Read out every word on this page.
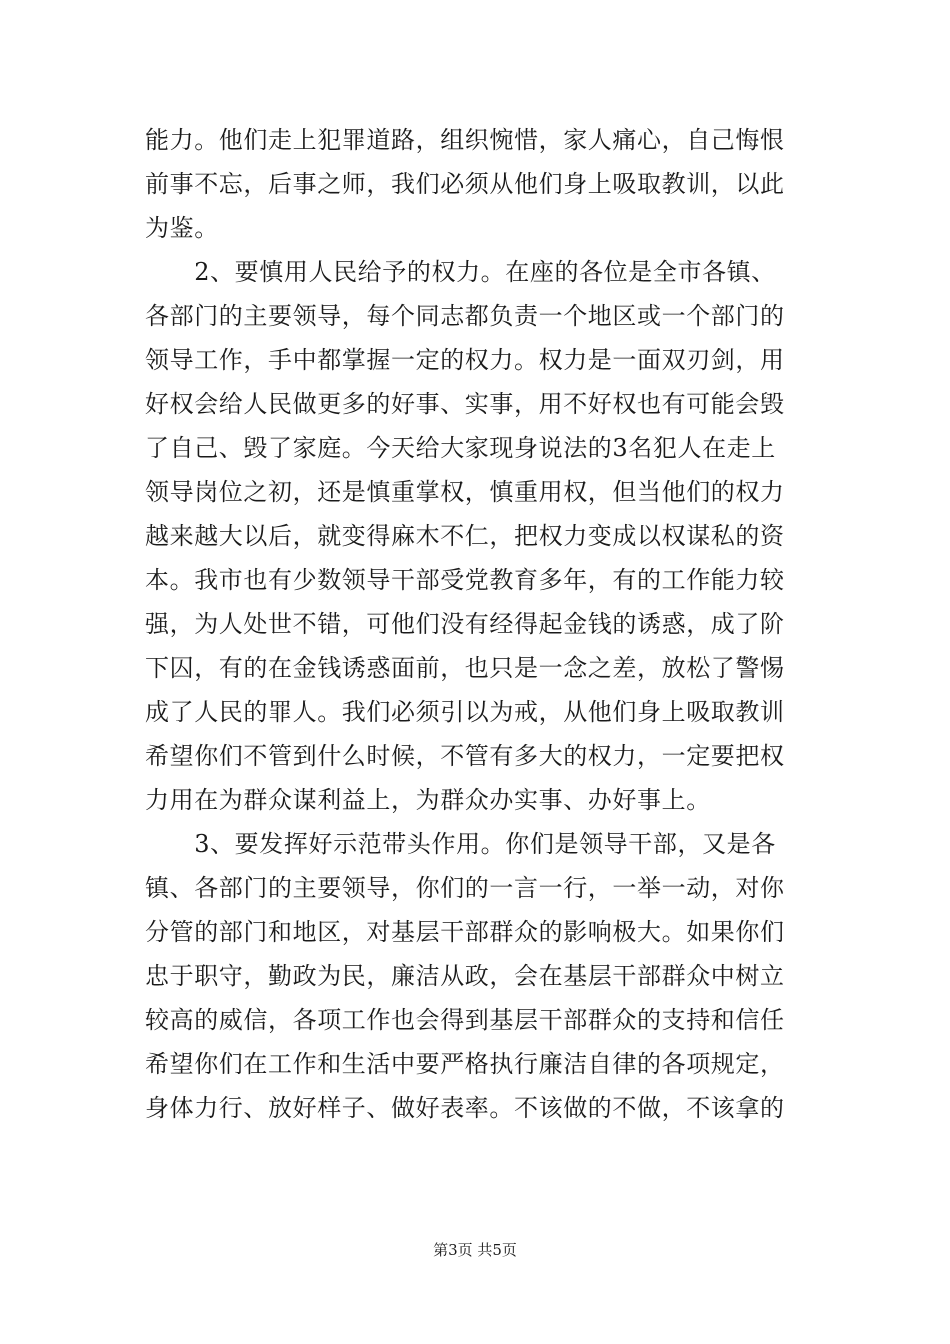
能力。他们走上犯罪道路，组织惋惜，家人痛心，自己悔恨

前事不忘，后事之师，我们必须从他们身上吸取教训，以此

为鉴。

　　2、要慎用人民给予的权力。在座的各位是全市各镇、

各部门的主要领导，每个同志都负责一个地区或一个部门的

领导工作，手中都掌握一定的权力。权力是一面双刃剑，用

好权会给人民做更多的好事、实事，用不好权也有可能会毁

了自己、毁了家庭。今天给大家现身说法的3名犯人在走上

领导岗位之初，还是慎重掌权，慎重用权，但当他们的权力

越来越大以后，就变得麻木不仁，把权力变成以权谋私的资

本。我市也有少数领导干部受党教育多年，有的工作能力较

强，为人处世不错，可他们没有经得起金钱的诱惑，成了阶

下囚，有的在金钱诱惑面前，也只是一念之差，放松了警惕

成了人民的罪人。我们必须引以为戒，从他们身上吸取教训

希望你们不管到什么时候，不管有多大的权力，一定要把权

力用在为群众谋利益上，为群众办实事、办好事上。

　　3、要发挥好示范带头作用。你们是领导干部，又是各

镇、各部门的主要领导，你们的一言一行，一举一动，对你

分管的部门和地区，对基层干部群众的影响极大。如果你们

忠于职守，勤政为民，廉洁从政，会在基层干部群众中树立

较高的威信，各项工作也会得到基层干部群众的支持和信任

希望你们在工作和生活中要严格执行廉洁自律的各项规定，

身体力行、放好样子、做好表率。不该做的不做，不该拿的

第3页 共5页
